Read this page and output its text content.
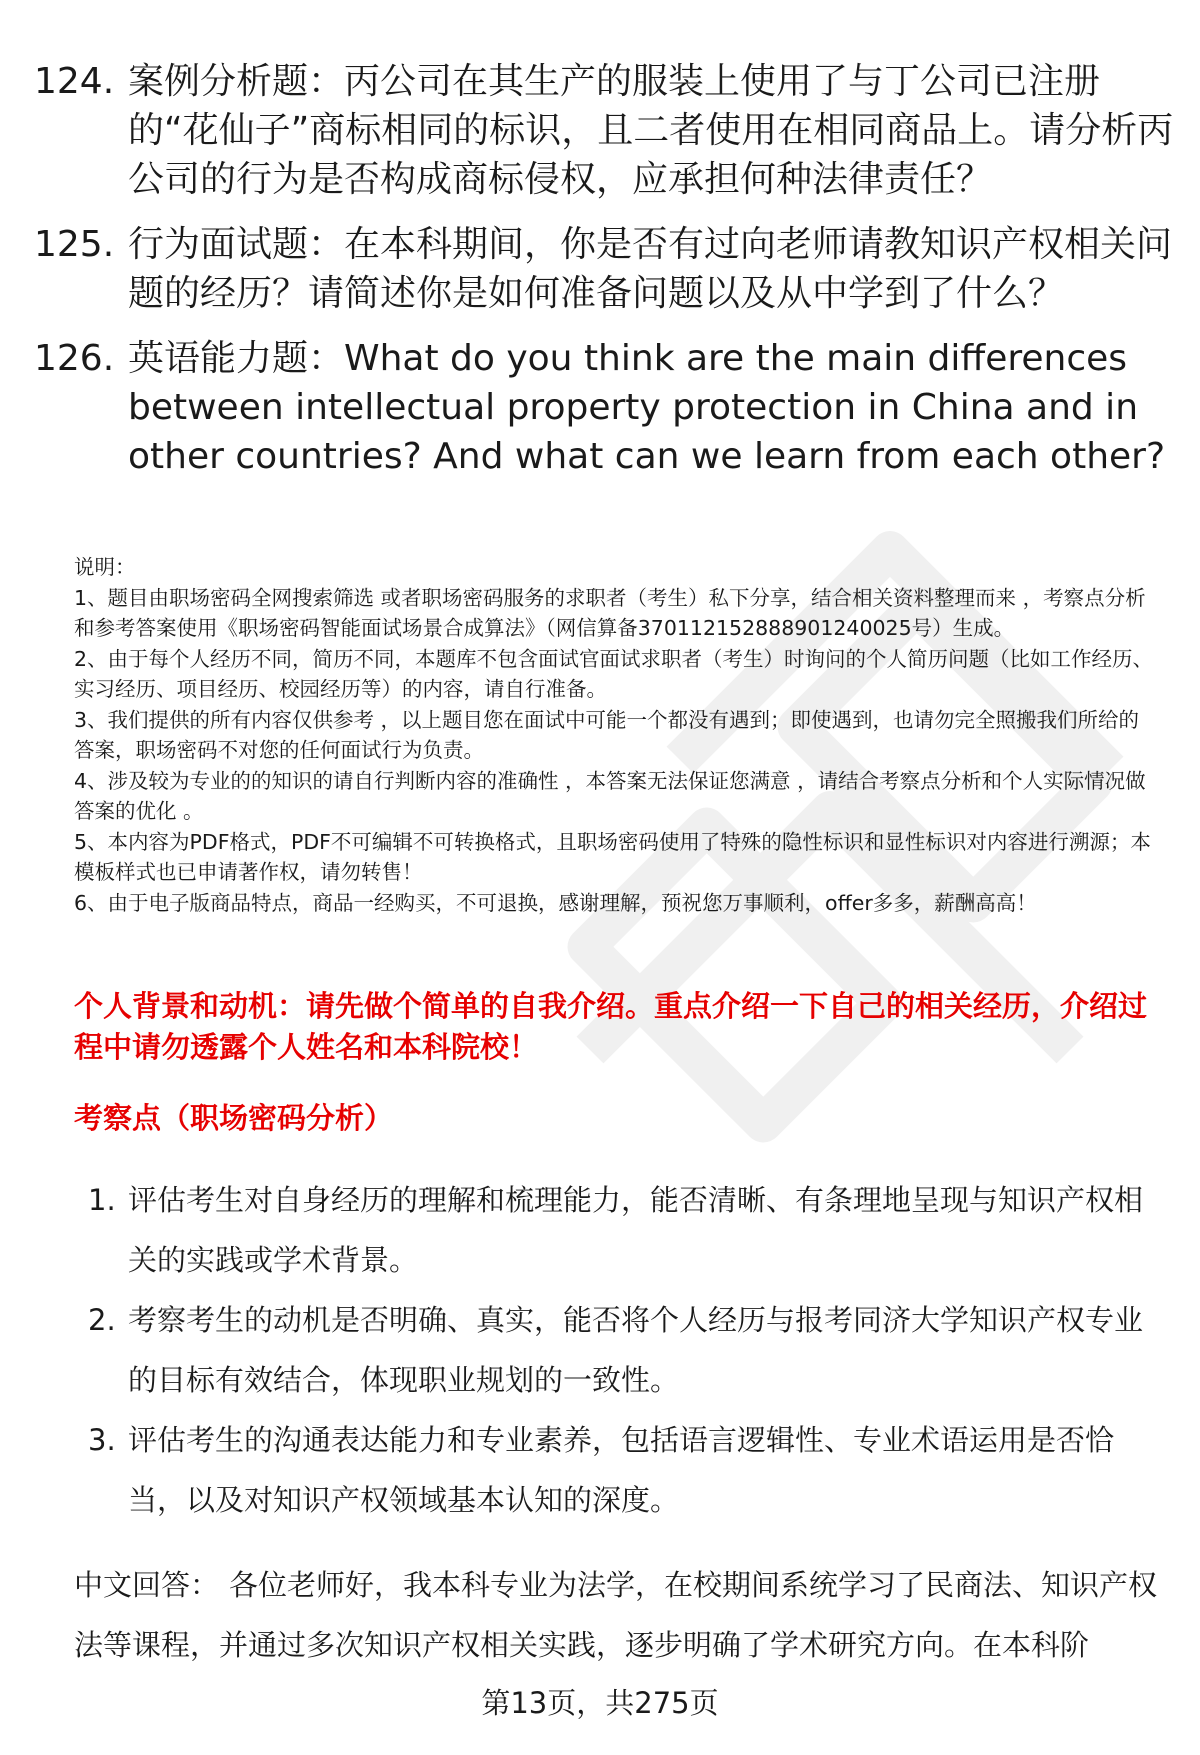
124. 案例分析题：丙公司在其生产的服装上使用了与丁公司已注册的“花仙子”商标相同的标识，且二者使用在相同商品上。请分析丙公司的行为是否构成商标侵权，应承担何种法律责任？
125. 行为面试题：在本科期间，你是否有过向老师请教知识产权相关问题的经历？请简述你是如何准备问题以及从中学到了什么？
126. 英语能力题：What do you think are the main differences between intellectual property protection in China and in other countries? And what can we learn from each other?

说明：

1、题目由职场密码全网搜索筛选 或者职场密码服务的求职者（考生）私下分享，结合相关资料整理而来 ，考察点分析和参考答案使用《职场密码智能面试场景合成算法》（网信算备370112152888901240025号）生成。

2、由于每个人经历不同，简历不同，本题库不包含面试官面试求职者（考生）时询问的个人简历问题（比如工作经历、实习经历、项目经历、校园经历等）的内容，请自行准备。

3、我们提供的所有内容仅供参考 ，以上题目您在面试中可能一个都没有遇到；即使遇到，也请勿完全照搬我们所给的答案，职场密码不对您的任何面试行为负责。

4、涉及较为专业的的知识的请自行判断内容的准确性 ，本答案无法保证您满意 ，请结合考察点分析和个人实际情况做答案的优化 。

5、本内容为PDF格式，PDF不可编辑不可转换格式，且职场密码使用了特殊的隐性标识和显性标识对内容进行溯源；本模板样式也已申请著作权，请勿转售！

6、由于电子版商品特点，商品一经购买，不可退换，感谢理解，预祝您万事顺利，offer多多，薪酬高高！

个人背景和动机：请先做个简单的自我介绍。重点介绍一下自己的相关经历，介绍过程中请勿透露个人姓名和本科院校！
考察点（职场密码分析）
1. 评估考生对自身经历的理解和梳理能力，能否清晰、有条理地呈现与知识产权相关的实践或学术背景。
2. 考察考生的动机是否明确、真实，能否将个人经历与报考同济大学知识产权专业的目标有效结合，体现职业规划的一致性。
3. 评估考生的沟通表达能力和专业素养，包括语言逻辑性、专业术语运用是否恰当，以及对知识产权领域基本认知的深度。
中文回答： 各位老师好，我本科专业为法学，在校期间系统学习了民商法、知识产权法等课程，并通过多次知识产权相关实践，逐步明确了学术研究方向。在本科阶
第13页，共275页
